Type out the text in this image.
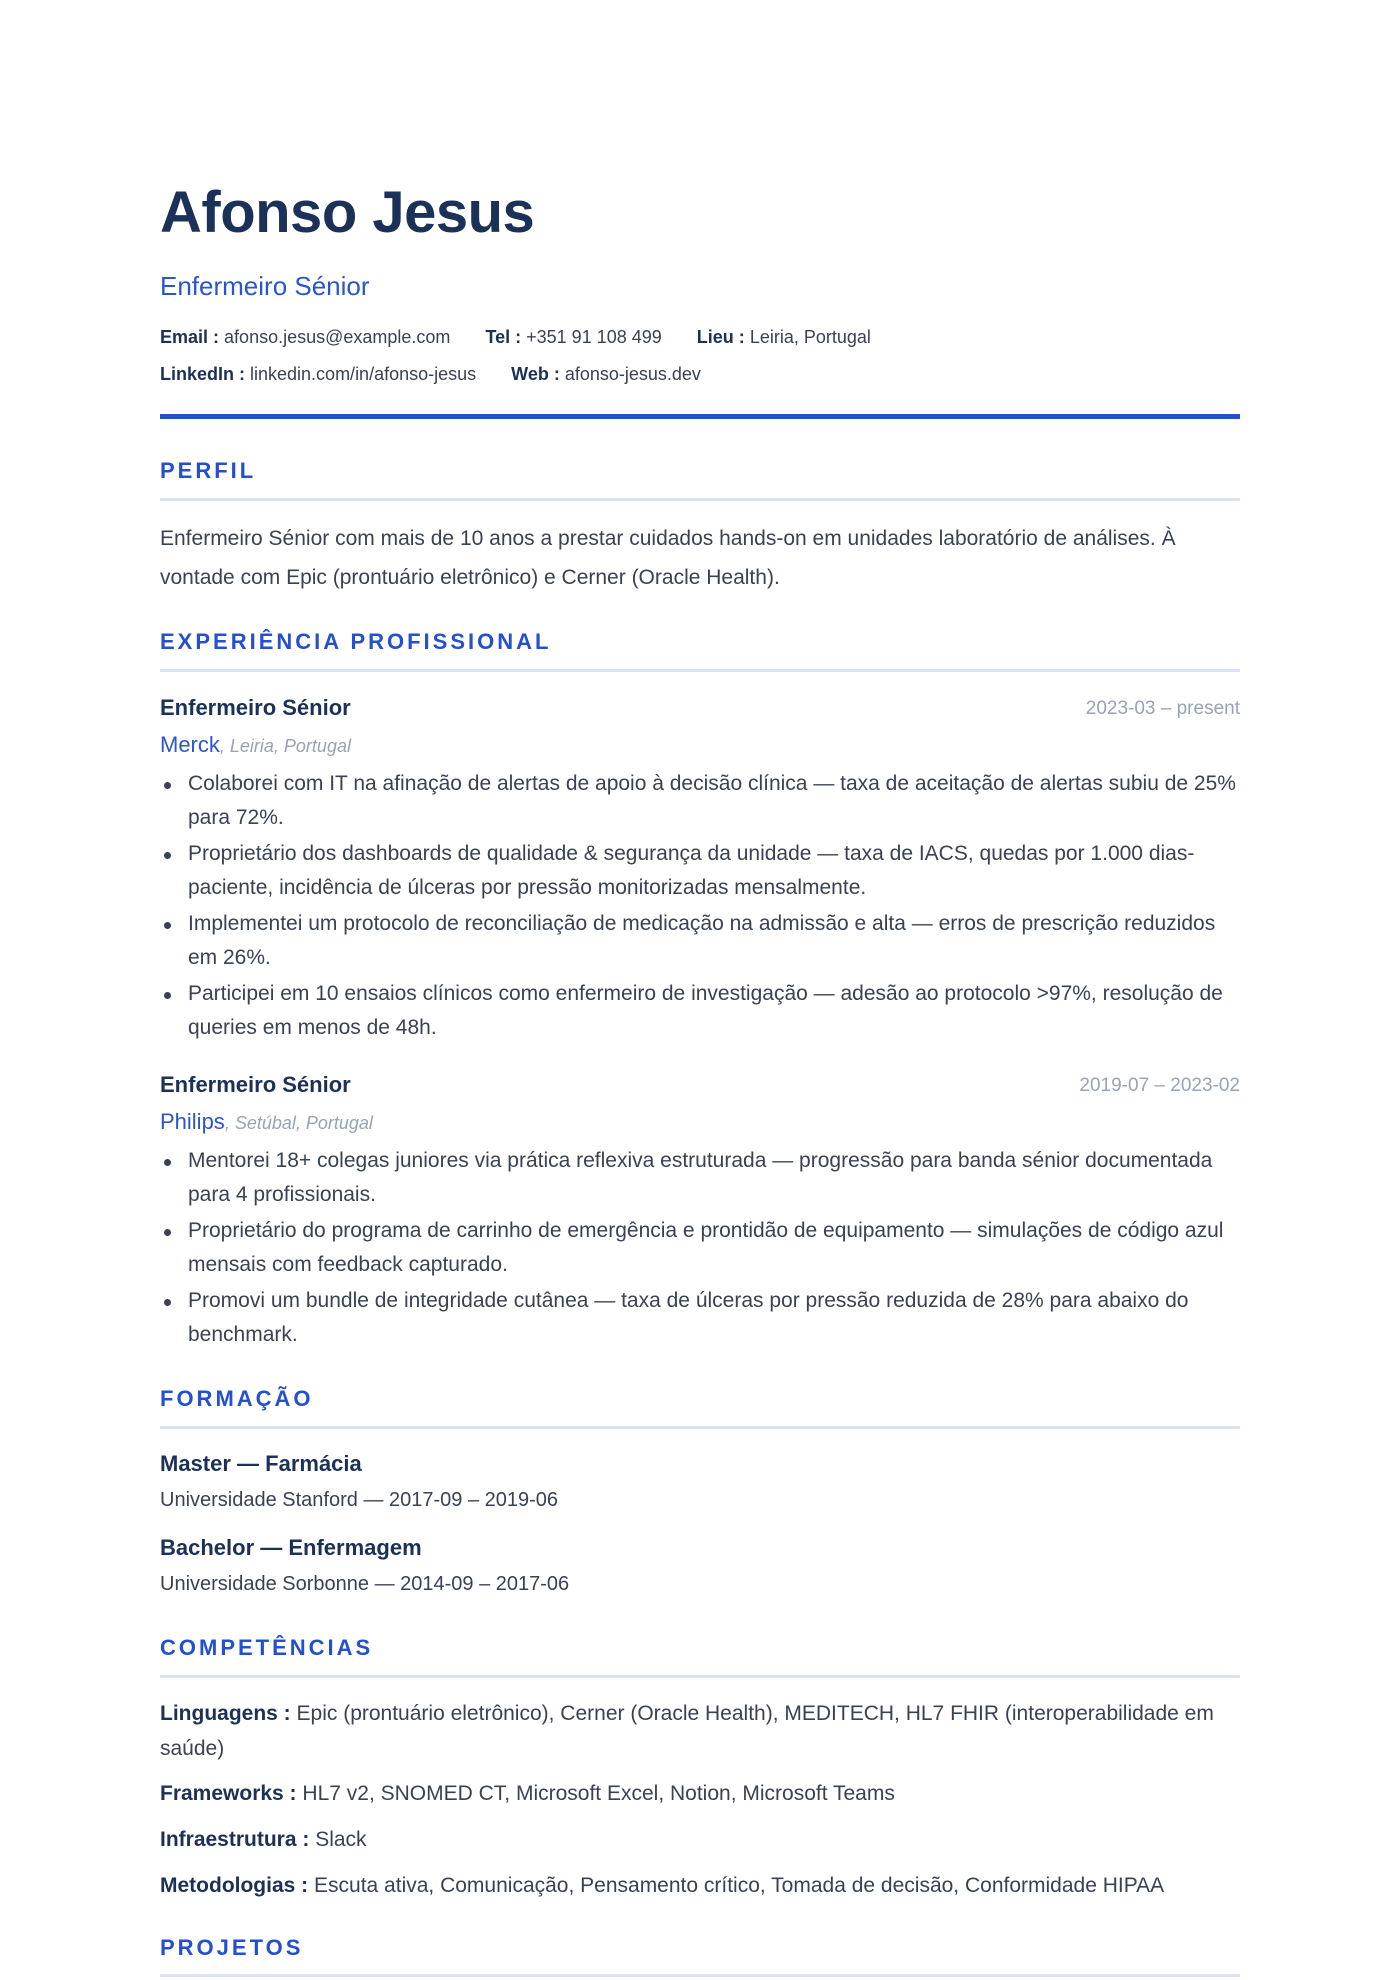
Afonso Jesus
Enfermeiro Sénior
Email : afonso.jesus@example.com Tel : +351 91 108 499 Lieu : Leiria, Portugal
LinkedIn : linkedin.com/in/afonso-jesus Web : afonso-jesus.dev
PERFIL
Enfermeiro Sénior com mais de 10 anos a prestar cuidados hands-on em unidades laboratório de análises. À vontade com Epic (prontuário eletrônico) e Cerner (Oracle Health).
EXPERIÊNCIA PROFISSIONAL
Enfermeiro Sénior	2023-03 – present
Merck, Leiria, Portugal
Colaborei com IT na afinação de alertas de apoio à decisão clínica — taxa de aceitação de alertas subiu de 25% para 72%.
Proprietário dos dashboards de qualidade & segurança da unidade — taxa de IACS, quedas por 1.000 dias-paciente, incidência de úlceras por pressão monitorizadas mensalmente.
Implementei um protocolo de reconciliação de medicação na admissão e alta — erros de prescrição reduzidos em 26%.
Participei em 10 ensaios clínicos como enfermeiro de investigação — adesão ao protocolo >97%, resolução de queries em menos de 48h.
Enfermeiro Sénior	2019-07 – 2023-02
Philips, Setúbal, Portugal
Mentorei 18+ colegas juniores via prática reflexiva estruturada — progressão para banda sénior documentada para 4 profissionais.
Proprietário do programa de carrinho de emergência e prontidão de equipamento — simulações de código azul mensais com feedback capturado.
Promovi um bundle de integridade cutânea — taxa de úlceras por pressão reduzida de 28% para abaixo do benchmark.
FORMAÇÃO
Master — Farmácia
Universidade Stanford — 2017-09 – 2019-06
Bachelor — Enfermagem
Universidade Sorbonne — 2014-09 – 2017-06
COMPETÊNCIAS
Linguagens : Epic (prontuário eletrônico), Cerner (Oracle Health), MEDITECH, HL7 FHIR (interoperabilidade em saúde)
Frameworks : HL7 v2, SNOMED CT, Microsoft Excel, Notion, Microsoft Teams
Infraestrutura : Slack
Metodologias : Escuta ativa, Comunicação, Pensamento crítico, Tomada de decisão, Conformidade HIPAA
PROJETOS
